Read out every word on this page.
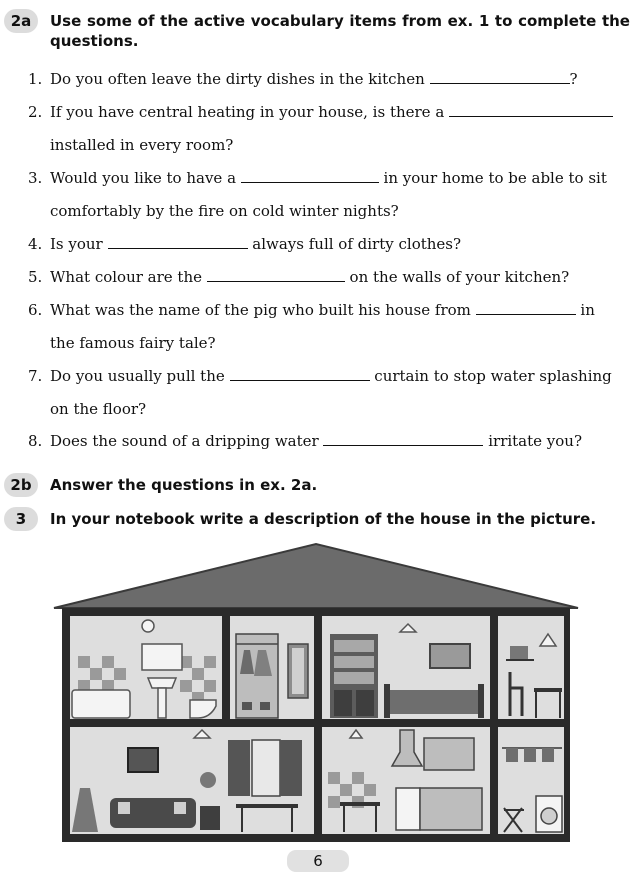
2a	Use some of the active vocabulary items from ex. 1 to complete the questions.
1. Do you often leave the dirty dishes in the kitchen	?
2. If you have central heating in your house, is there a
installed in every room?
3. Would you like to have a	in your home to be able to sit
comfortably by the fire on cold winter nights?
4. Is your	always full of dirty clothes?
5. What colour are the	on the walls of your kitchen?
6. What was the name of the pig who built his house from	in
the famous fairy tale?
7. Do you usually pull the	curtain to stop water splashing
on the floor?
8. Does the sound of a dripping water	irritate you?
2b	Answer the questions in ex. 2a.
3	In your notebook write a description of the house in the picture.
6
